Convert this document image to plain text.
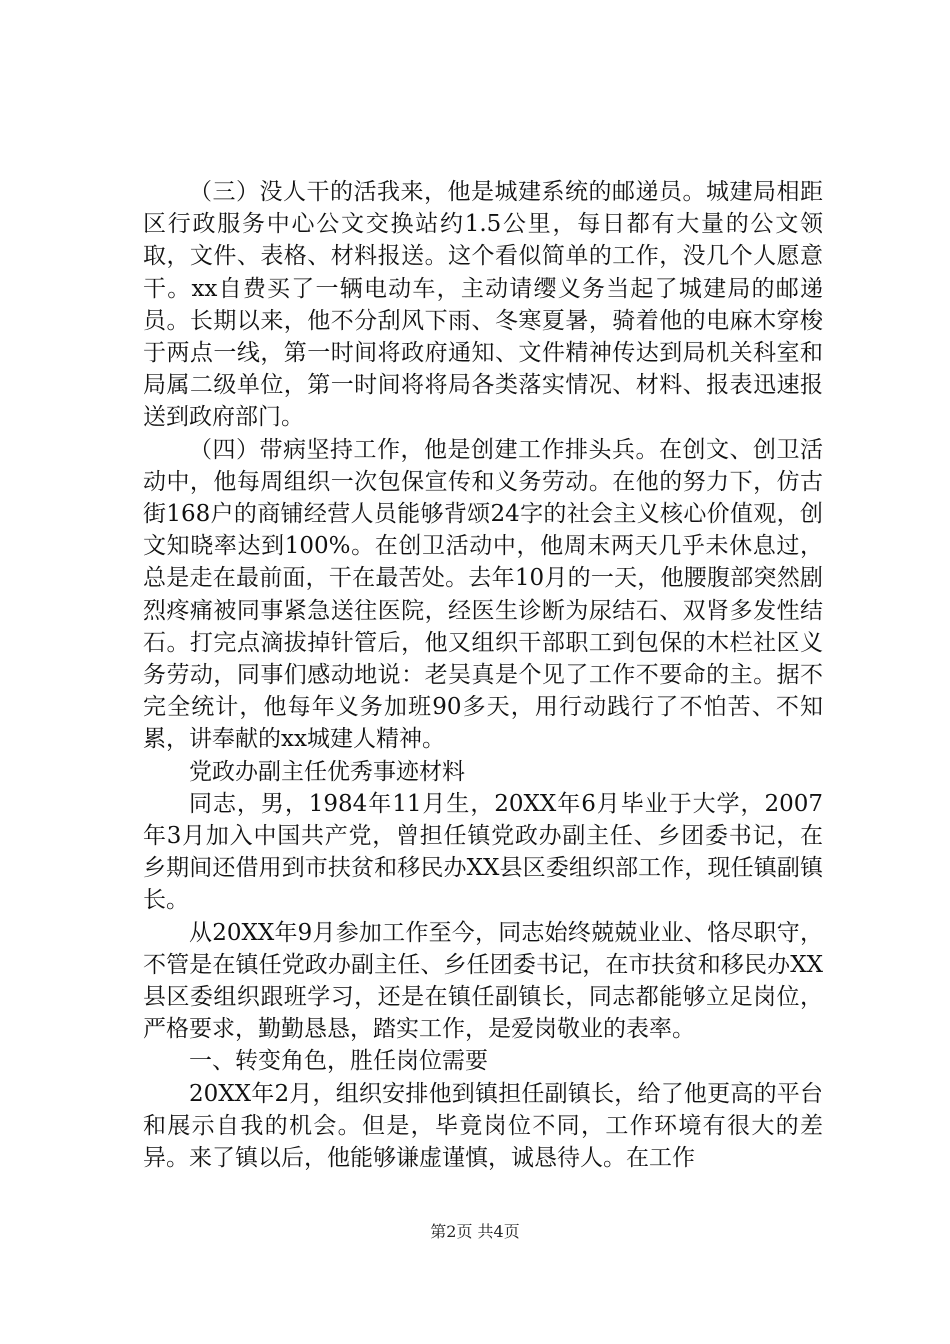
（三）没人干的活我来，他是城建系统的邮递员。城建局相距区行政服务中心公文交换站约1.5公里，每日都有大量的公文领取，文件、表格、材料报送。这个看似简单的工作，没几个人愿意干。xx自费买了一辆电动车，主动请缨义务当起了城建局的邮递员。长期以来，他不分刮风下雨、冬寒夏暑，骑着他的电麻木穿梭于两点一线，第一时间将政府通知、文件精神传达到局机关科室和局属二级单位，第一时间将将局各类落实情况、材料、报表迅速报送到政府部门。

（四）带病坚持工作，他是创建工作排头兵。在创文、创卫活动中，他每周组织一次包保宣传和义务劳动。在他的努力下，仿古街168户的商铺经营人员能够背颂24字的社会主义核心价值观，创文知晓率达到100%。在创卫活动中，他周末两天几乎未休息过，总是走在最前面，干在最苦处。去年10月的一天，他腰腹部突然剧烈疼痛被同事紧急送往医院，经医生诊断为尿结石、双肾多发性结石。打完点滴拔掉针管后，他又组织干部职工到包保的木栏社区义务劳动，同事们感动地说：老吴真是个见了工作不要命的主。据不完全统计，他每年义务加班90多天，用行动践行了不怕苦、不知累，讲奉献的xx城建人精神。

党政办副主任优秀事迹材料

同志，男，1984年11月生，20XX年6月毕业于大学，2007年3月加入中国共产党，曾担任镇党政办副主任、乡团委书记，在乡期间还借用到市扶贫和移民办XX县区委组织部工作，现任镇副镇长。

从20XX年9月参加工作至今，同志始终兢兢业业、恪尽职守，不管是在镇任党政办副主任、乡任团委书记，在市扶贫和移民办XX县区委组织跟班学习，还是在镇任副镇长，同志都能够立足岗位，严格要求，勤勤恳恳，踏实工作，是爱岗敬业的表率。

一、转变角色，胜任岗位需要

20XX年2月，组织安排他到镇担任副镇长，给了他更高的平台和展示自我的机会。但是，毕竟岗位不同，工作环境有很大的差异。来了镇以后，他能够谦虚谨慎，诚恳待人。在工作

第2页 共4页
